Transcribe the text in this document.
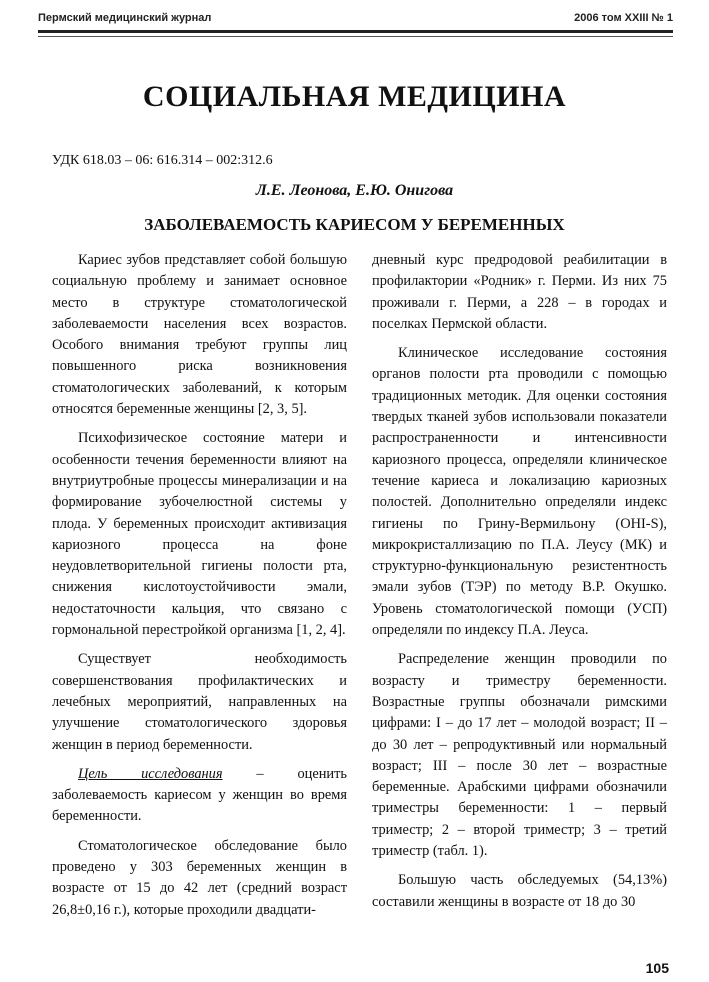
Пермский медицинский журнал	2006 том XXIII № 1
СОЦИАЛЬНАЯ МЕДИЦИНА
УДК 618.03 – 06: 616.314 – 002:312.6
Л.Е. Леонова, Е.Ю. Онигова
ЗАБОЛЕВАЕМОСТЬ КАРИЕСОМ У БЕРЕМЕННЫХ

Кариес зубов представляет собой большую социальную проблему и занимает основное место в структуре стоматологической заболеваемости населения всех возрастов. Особого внимания требуют группы лиц повышенного риска возникновения стоматологических заболеваний, к которым относятся беременные женщины [2, 3, 5].

Психофизическое состояние матери и особенности течения беременности влияют на внутриутробные процессы минерализации и на формирование зубочелюстной системы у плода. У беременных происходит активизация кариозного процесса на фоне неудовлетворительной гигиены полости рта, снижения кислотоустойчивости эмали, недостаточности кальция, что связано с гормональной перестройкой организма [1, 2, 4].

Существует необходимость совершенствования профилактических и лечебных мероприятий, направленных на улучшение стоматологического здоровья женщин в период беременности.

Цель исследования – оценить заболеваемость кариесом у женщин во время беременности.

Стоматологическое обследование было проведено у 303 беременных женщин в возрасте от 15 до 42 лет (средний возраст 26,8±0,16 г.), которые проходили двадцати-

дневный курс предродовой реабилитации в профилактории «Родник» г. Перми. Из них 75 проживали г. Перми, а 228 – в городах и поселках Пермской области.

Клиническое исследование состояния органов полости рта проводили с помощью традиционных методик. Для оценки состояния твердых тканей зубов использовали показатели распространенности и интенсивности кариозного процесса, определяли клиническое течение кариеса и локализацию кариозных полостей. Дополнительно определяли индекс гигиены по Грину-Вермильону (OHI-S), микрокристаллизацию по П.А. Леусу (МК) и структурно-функциональную резистентность эмали зубов (ТЭР) по методу В.Р. Окушко. Уровень стоматологической помощи (УСП) определяли по индексу П.А. Леуса.

Распределение женщин проводили по возрасту и триместру беременности. Возрастные группы обозначали римскими цифрами: I – до 17 лет – молодой возраст; II – до 30 лет – репродуктивный или нормальный возраст; III – после 30 лет – возрастные беременные. Арабскими цифрами обозначили триместры беременности: 1 – первый триместр; 2 – второй триместр; 3 – третий триместр (табл. 1).

Большую часть обследуемых (54,13%) составили женщины в возрасте от 18 до 30

105
